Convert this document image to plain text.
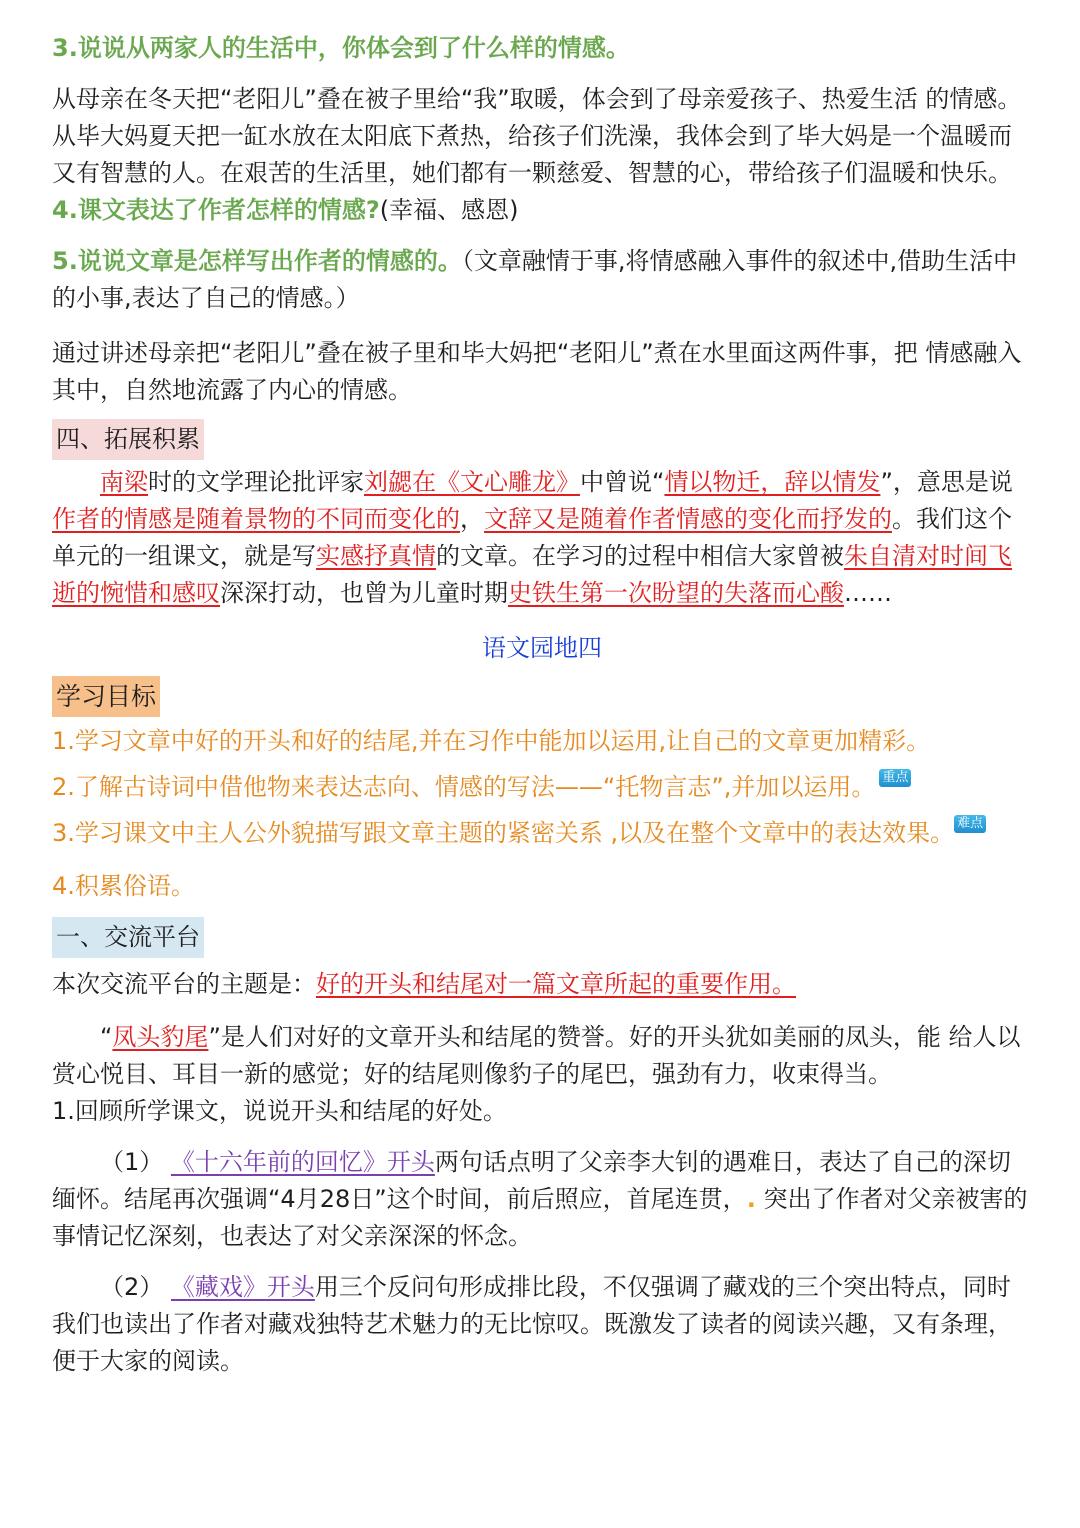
3.说说从两家人的生活中，你体会到了什么样的情感。

从母亲在冬天把“老阳儿”叠在被子里给“我”取暖，体会到了母亲爱孩子、热爱生活 的情感。从毕大妈夏天把一缸水放在太阳底下煮热，给孩子们洗澡，我体会到了毕大妈是一个温暖而又有智慧的人。在艰苦的生活里，她们都有一颗慈爱、智慧的心，带给孩子们温暖和快乐。

4.课文表达了作者怎样的情感?(幸福、感恩)

5.说说文章是怎样写出作者的情感的。（文章融情于事,将情感融入事件的叙述中,借助生活中的小事,表达了自己的情感。）

通过讲述母亲把“老阳儿”叠在被子里和毕大妈把“老阳儿”煮在水里面这两件事，把 情感融入其中，自然地流露了内心的情感。

四、拓展积累

南梁时的文学理论批评家刘勰在《文心雕龙》中曾说“情以物迁，辞以情发”，意思是说作者的情感是随着景物的不同而变化的，文辞又是随着作者情感的变化而抒发的。我们这个单元的一组课文，就是写实感抒真情的文章。在学习的过程中相信大家曾被朱自清对时间飞逝的惋惜和感叹深深打动，也曾为儿童时期史铁生第一次盼望的失落而心酸……

语文园地四

学习目标

1.学习文章中好的开头和好的结尾,并在习作中能加以运用,让自己的文章更加精彩。

2.了解古诗词中借他物来表达志向、情感的写法——“托物言志”,并加以运用。 重点

3.学习课文中主人公外貌描写跟文章主题的紧密关系 ,以及在整个文章中的表达效果。 难点

4.积累俗语。

一、交流平台

本次交流平台的主题是：好的开头和结尾对一篇文章所起的重要作用。

“凤头豹尾”是人们对好的文章开头和结尾的赞誉。好的开头犹如美丽的凤头，能 给人以赏心悦目、耳目一新的感觉；好的结尾则像豹子的尾巴，强劲有力，收束得当。

1.回顾所学课文，说说开头和结尾的好处。

（1） 《十六年前的回忆》开头两句话点明了父亲李大钊的遇难日，表达了自己的深切缅怀。结尾再次强调“4月28日”这个时间，前后照应，首尾连贯，. 突出了作者对父亲被害的事情记忆深刻，也表达了对父亲深深的怀念。

（2） 《藏戏》开头用三个反问句形成排比段，不仅强调了藏戏的三个突出特点，同时我们也读出了作者对藏戏独特艺术魅力的无比惊叹。既激发了读者的阅读兴趣，又有条理，便于大家的阅读。
